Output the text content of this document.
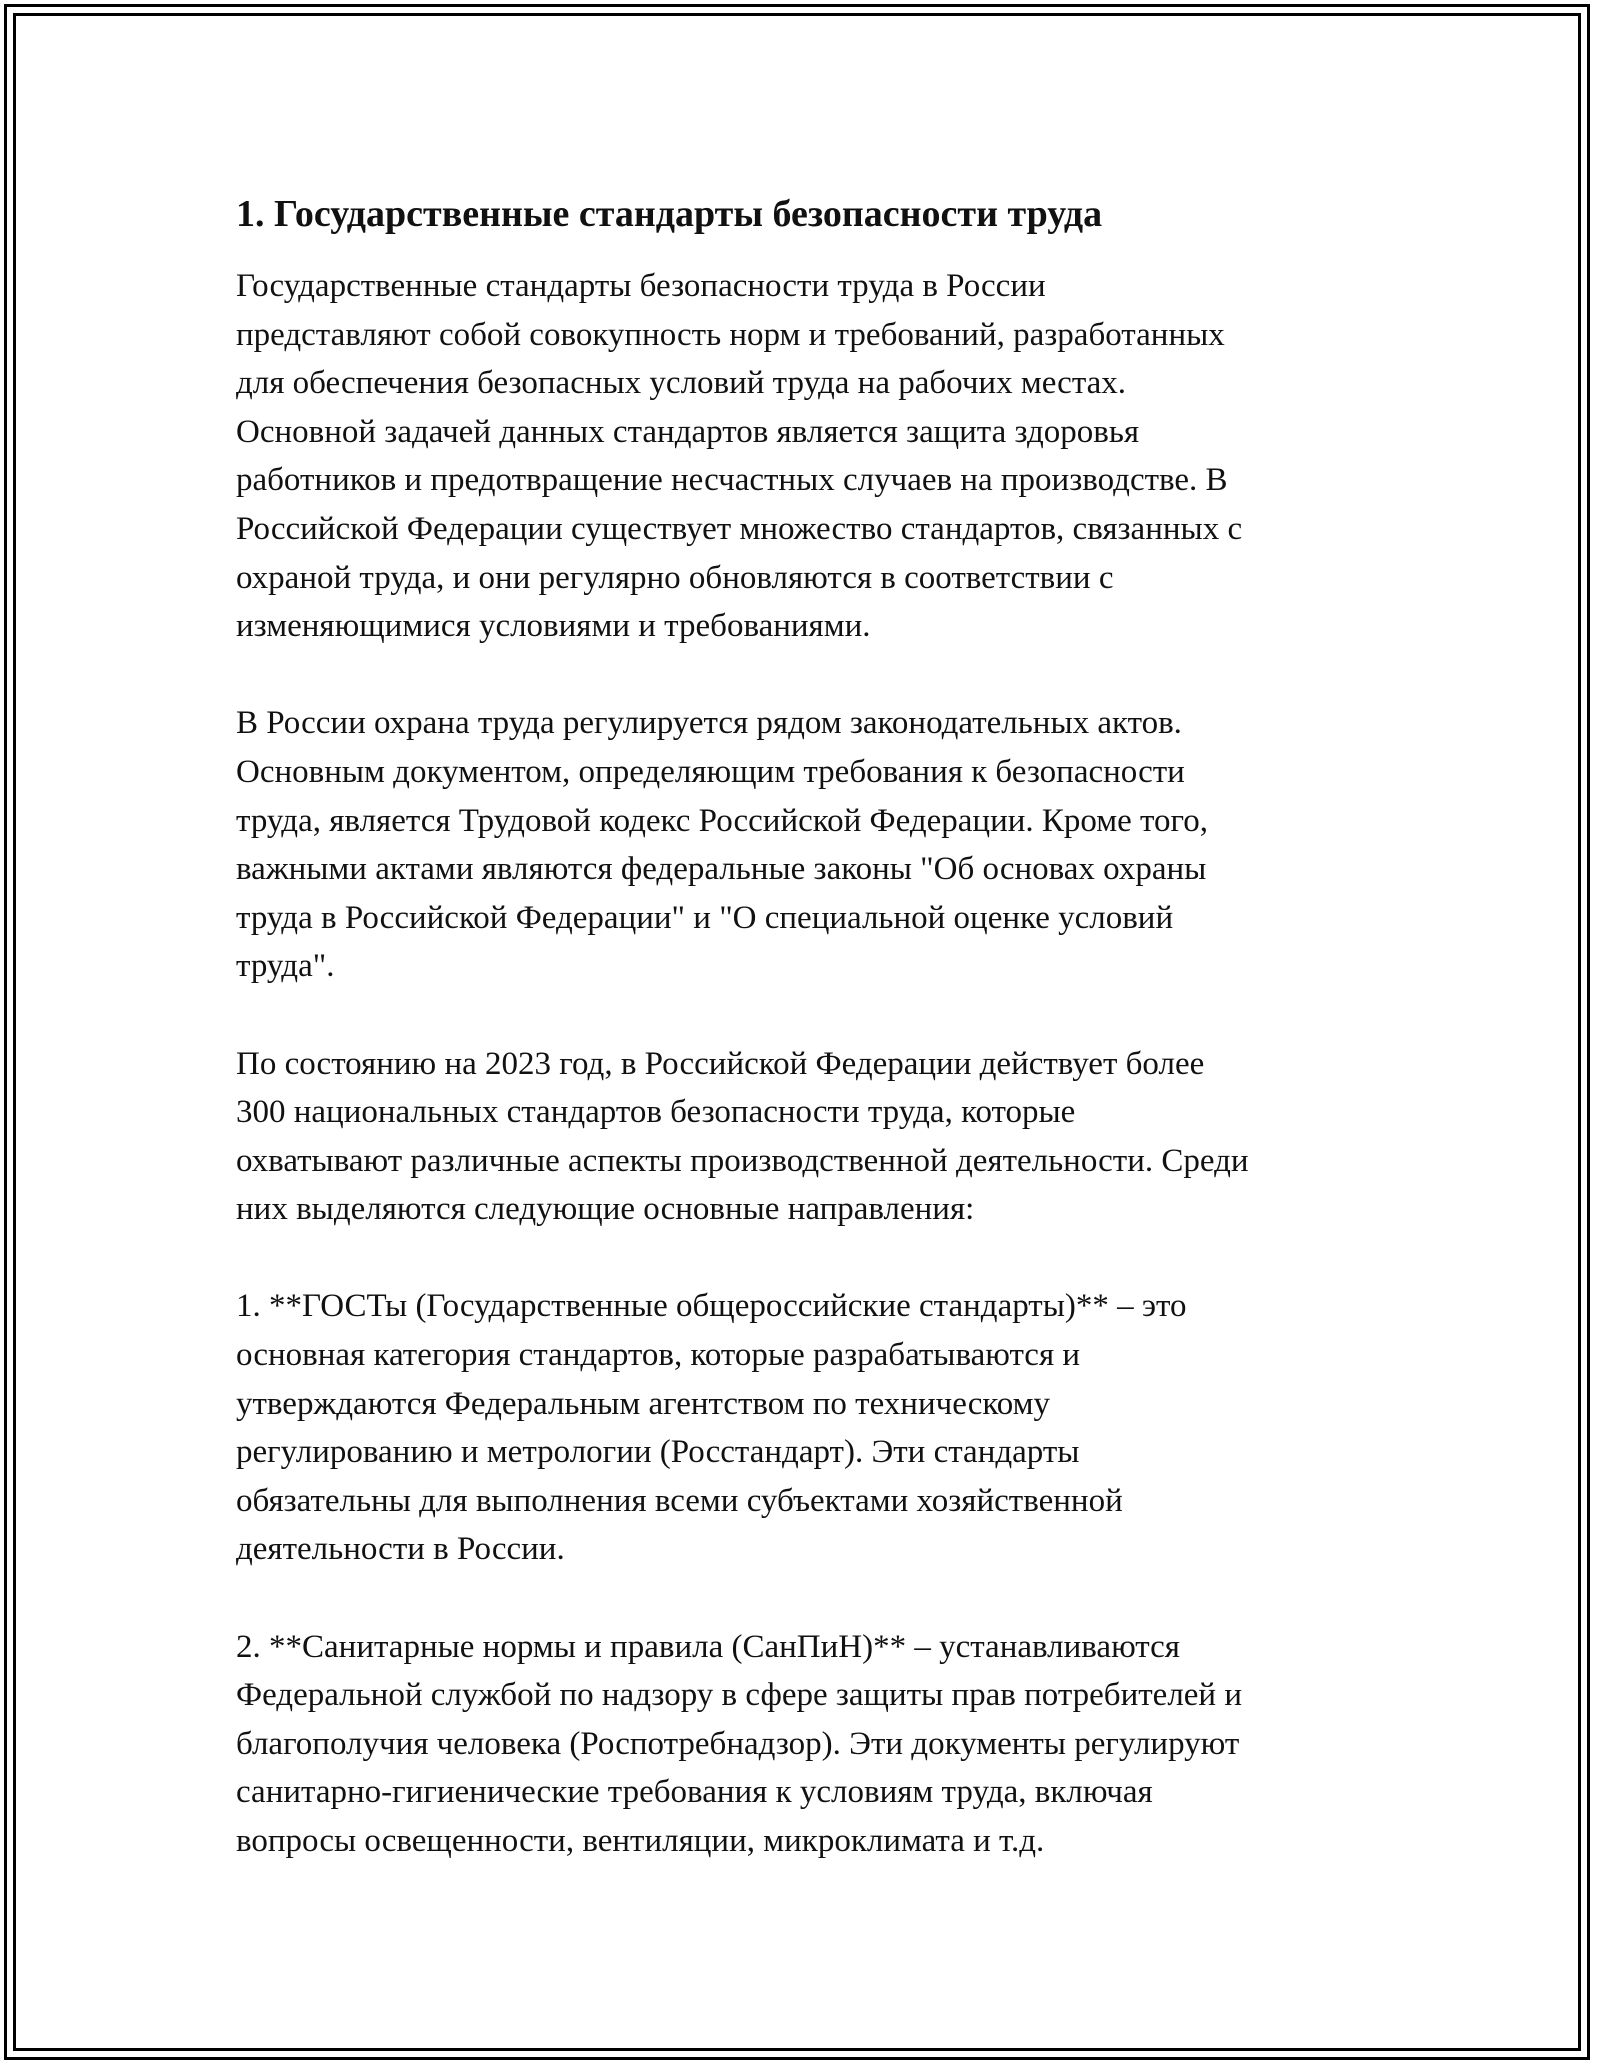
1. Государственные стандарты безопасности труда

Государственные стандарты безопасности труда в России
представляют собой совокупность норм и требований, разработанных
для обеспечения безопасных условий труда на рабочих местах.
Основной задачей данных стандартов является защита здоровья
работников и предотвращение несчастных случаев на производстве. В
Российской Федерации существует множество стандартов, связанных с
охраной труда, и они регулярно обновляются в соответствии с
изменяющимися условиями и требованиями.

В России охрана труда регулируется рядом законодательных актов.
Основным документом, определяющим требования к безопасности
труда, является Трудовой кодекс Российской Федерации. Кроме того,
важными актами являются федеральные законы "Об основах охраны
труда в Российской Федерации" и "О специальной оценке условий
труда".

По состоянию на 2023 год, в Российской Федерации действует более
300 национальных стандартов безопасности труда, которые
охватывают различные аспекты производственной деятельности. Среди
них выделяются следующие основные направления:

1. **ГОСТы (Государственные общероссийские стандарты)** – это
основная категория стандартов, которые разрабатываются и
утверждаются Федеральным агентством по техническому
регулированию и метрологии (Росстандарт). Эти стандарты
обязательны для выполнения всеми субъектами хозяйственной
деятельности в России.

2. **Санитарные нормы и правила (СанПиН)** – устанавливаются
Федеральной службой по надзору в сфере защиты прав потребителей и
благополучия человека (Роспотребнадзор). Эти документы регулируют
санитарно-гигиенические требования к условиям труда, включая
вопросы освещенности, вентиляции, микроклимата и т.д.
